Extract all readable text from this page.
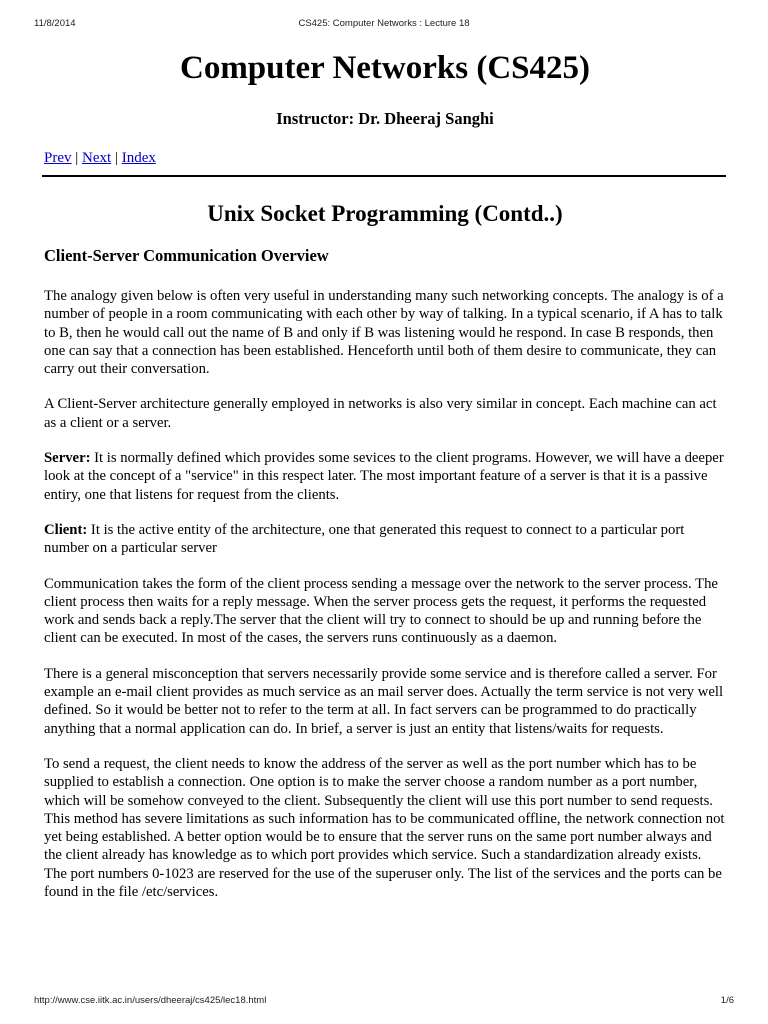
11/8/2014	CS425: Computer Networks : Lecture 18
Computer Networks (CS425)
Instructor: Dr. Dheeraj Sanghi
Prev | Next | Index
Unix Socket Programming (Contd..)
Client-Server Communication Overview

The analogy given below is often very useful in understanding many such networking concepts. The analogy is of a number of people in a room communicating with each other by way of talking. In a typical scenario, if A has to talk to B, then he would call out the name of B and only if B was listening would he respond. In case B responds, then one can say that a connection has been established. Henceforth until both of them desire to communicate, they can carry out their conversation.

A Client-Server architecture generally employed in networks is also very similar in concept. Each machine can act as a client or a server.

Server: It is normally defined which provides some sevices to the client programs. However, we will have a deeper look at the concept of a "service" in this respect later. The most important feature of a server is that it is a passive entiry, one that listens for request from the clients.

Client: It is the active entity of the architecture, one that generated this request to connect to a particular port number on a particular server

Communication takes the form of the client process sending a message over the network to the server process. The client process then waits for a reply message. When the server process gets the request, it performs the requested work and sends back a reply.The server that the client will try to connect to should be up and running before the client can be executed. In most of the cases, the servers runs continuously as a daemon.

There is a general misconception that servers necessarily provide some service and is therefore called a server. For example an e-mail client provides as much service as an mail server does. Actually the term service is not very well defined. So it would be better not to refer to the term at all. In fact servers can be programmed to do practically anything that a normal application can do. In brief, a server is just an entity that listens/waits for requests.

To send a request, the client needs to know the address of the server as well as the port number which has to be supplied to establish a connection. One option is to make the server choose a random number as a port number, which will be somehow conveyed to the client. Subsequently the client will use this port number to send requests. This method has severe limitations as such information has to be communicated offline, the network connection not yet being established. A better option would be to ensure that the server runs on the same port number always and the client already has knowledge as to which port provides which service. Such a standardization already exists. The port numbers 0-1023 are reserved for the use of the superuser only. The list of the services and the ports can be found in the file /etc/services.

http://www.cse.iitk.ac.in/users/dheeraj/cs425/lec18.html	1/6
